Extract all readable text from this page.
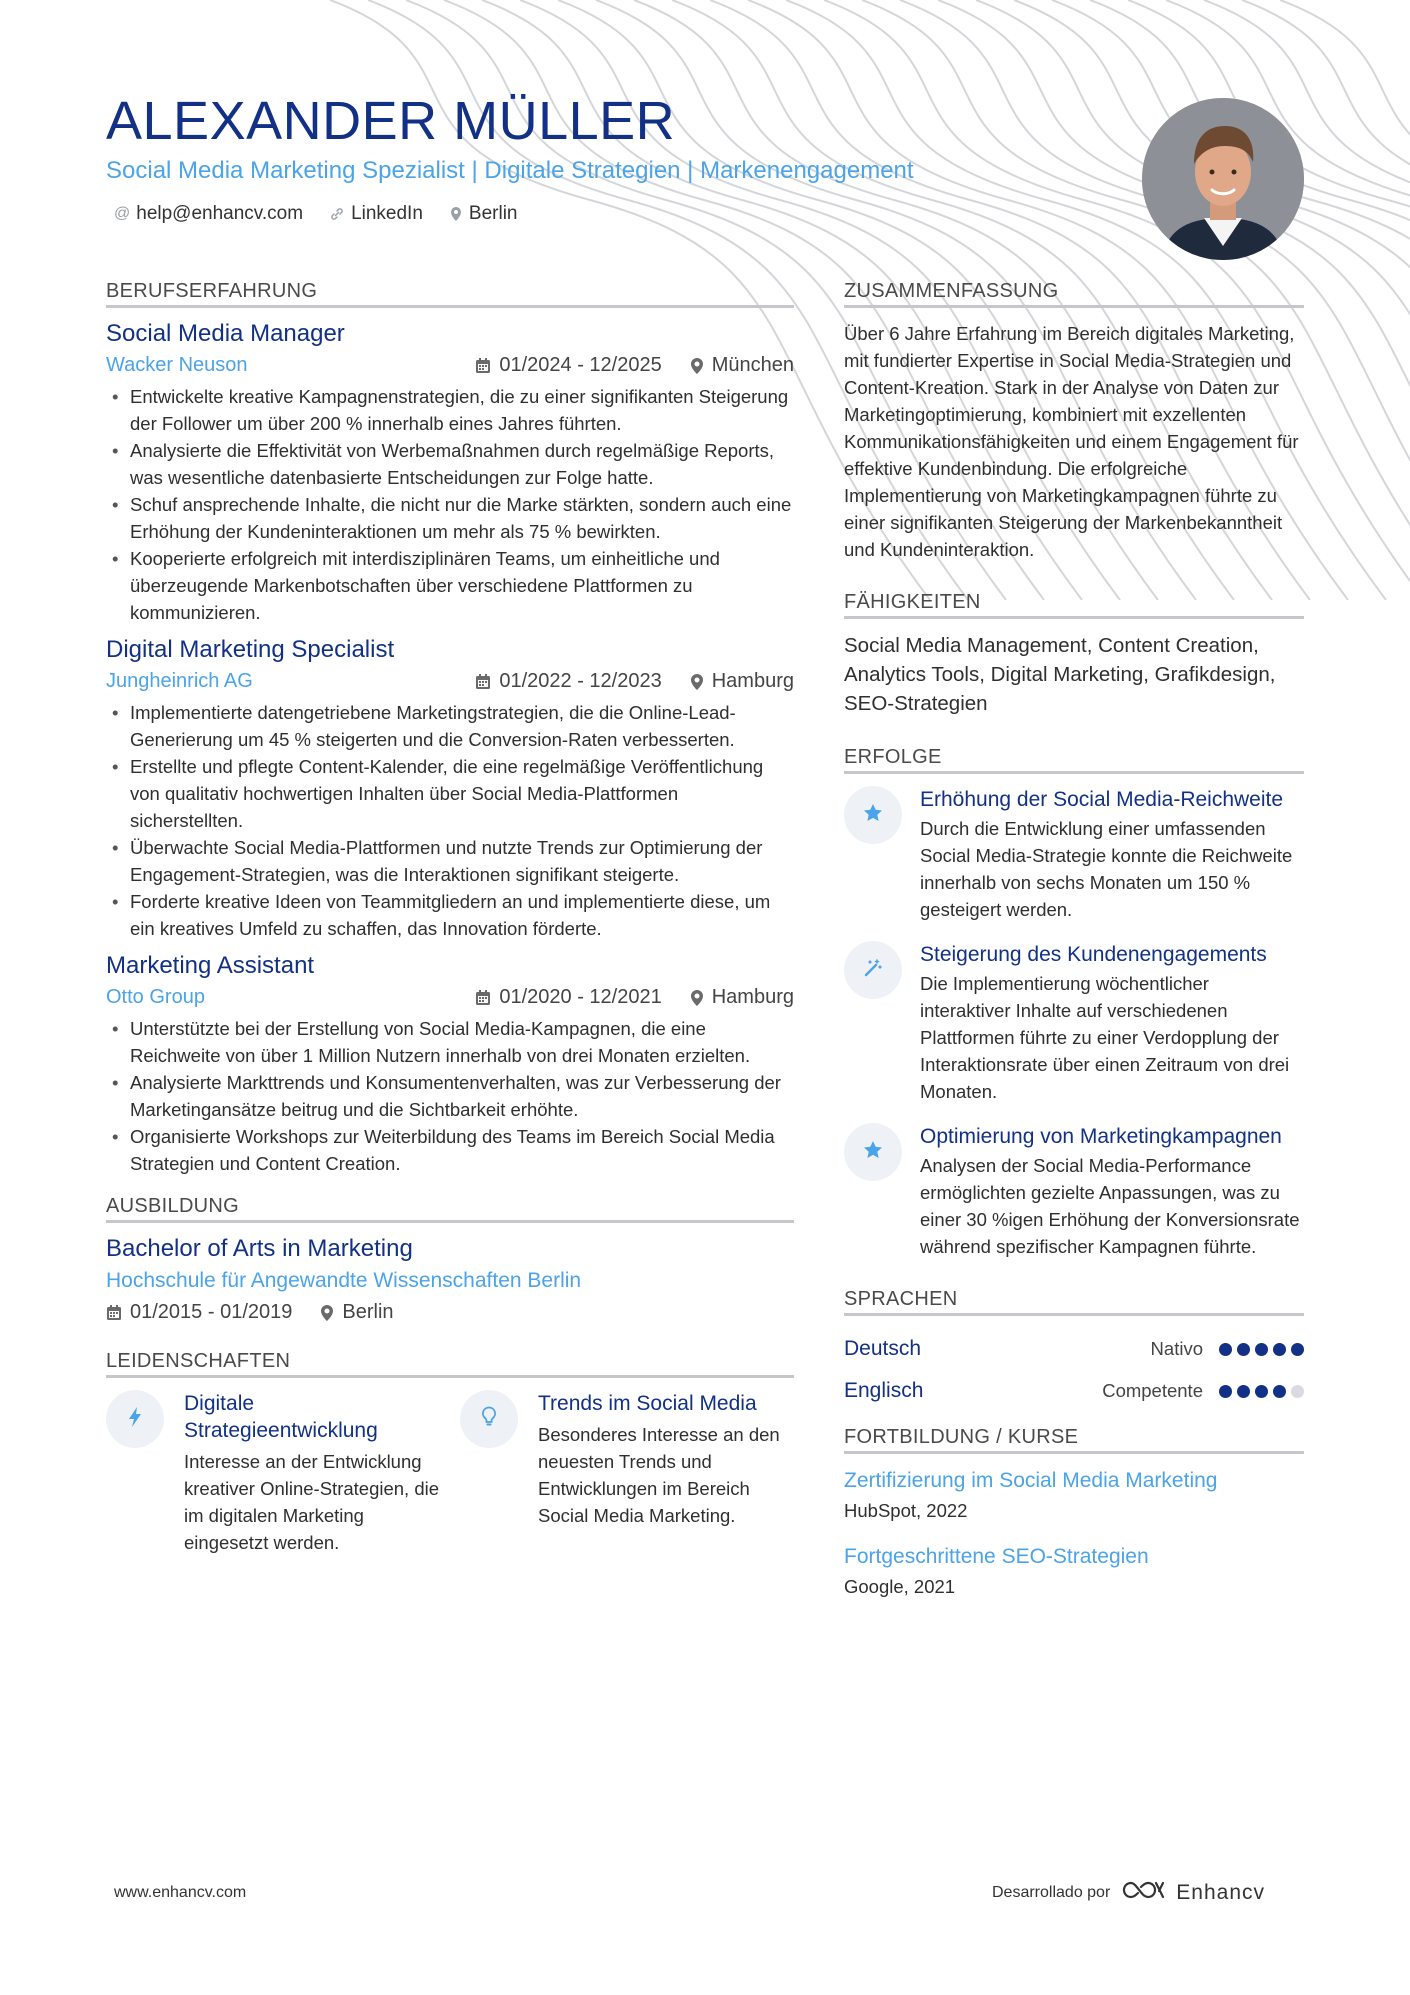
ALEXANDER MÜLLER
Social Media Marketing Spezialist | Digitale Strategien | Markenengagement
@ help@enhancv.com	LinkedIn Berlin
BERUFSERFAHRUNG
Social Media Manager
Wacker Neuson	01/2024 - 12/2025	München
• Entwickelte kreative Kampagnenstrategien, die zu einer signifikanten Steigerung der Follower um über 200 % innerhalb eines Jahres führten.
• Analysierte die Effektivität von Werbemaßnahmen durch regelmäßige Reports, was wesentliche datenbasierte Entscheidungen zur Folge hatte.
• Schuf ansprechende Inhalte, die nicht nur die Marke stärkten, sondern auch eine Erhöhung der Kundeninteraktionen um mehr als 75 % bewirkten.
• Kooperierte erfolgreich mit interdisziplinären Teams, um einheitliche und überzeugende Markenbotschaften über verschiedene Plattformen zu kommunizieren.
Digital Marketing Specialist
Jungheinrich AG	01/2022 - 12/2023	Hamburg
• Implementierte datengetriebene Marketingstrategien, die die Online-Lead-Generierung um 45 % steigerten und die Conversion-Raten verbesserten.
• Erstellte und pflegte Content-Kalender, die eine regelmäßige Veröffentlichung von qualitativ hochwertigen Inhalten über Social Media-Plattformen sicherstellten.
• Überwachte Social Media-Plattformen und nutzte Trends zur Optimierung der Engagement-Strategien, was die Interaktionen signifikant steigerte.
• Forderte kreative Ideen von Teammitgliedern an und implementierte diese, um ein kreatives Umfeld zu schaffen, das Innovation förderte.
Marketing Assistant
Otto Group	01/2020 - 12/2021	Hamburg
• Unterstützte bei der Erstellung von Social Media-Kampagnen, die eine Reichweite von über 1 Million Nutzern innerhalb von drei Monaten erzielten.
• Analysierte Markttrends und Konsumentenverhalten, was zur Verbesserung der Marketingansätze beitrug und die Sichtbarkeit erhöhte.
• Organisierte Workshops zur Weiterbildung des Teams im Bereich Social Media Strategien und Content Creation.
AUSBILDUNG
Bachelor of Arts in Marketing
Hochschule für Angewandte Wissenschaften Berlin
01/2015 - 01/2019	Berlin
LEIDENSCHAFTEN
Digitale Strategieentwicklung
Interesse an der Entwicklung kreativer Online-Strategien, die im digitalen Marketing eingesetzt werden.
Trends im Social Media
Besonderes Interesse an den neuesten Trends und Entwicklungen im Bereich Social Media Marketing.
ZUSAMMENFASSUNG
Über 6 Jahre Erfahrung im Bereich digitales Marketing, mit fundierter Expertise in Social Media-Strategien und Content-Kreation. Stark in der Analyse von Daten zur Marketingoptimierung, kombiniert mit exzellenten Kommunikationsfähigkeiten und einem Engagement für effektive Kundenbindung. Die erfolgreiche Implementierung von Marketingkampagnen führte zu einer signifikanten Steigerung der Markenbekanntheit und Kundeninteraktion.
FÄHIGKEITEN
Social Media Management, Content Creation, Analytics Tools, Digital Marketing, Grafikdesign, SEO-Strategien
ERFOLGE
Erhöhung der Social Media-Reichweite
Durch die Entwicklung einer umfassenden Social Media-Strategie konnte die Reichweite innerhalb von sechs Monaten um 150 % gesteigert werden.
Steigerung des Kundenengagements
Die Implementierung wöchentlicher interaktiver Inhalte auf verschiedenen Plattformen führte zu einer Verdopplung der Interaktionsrate über einen Zeitraum von drei Monaten.
Optimierung von Marketingkampagnen
Analysen der Social Media-Performance ermöglichten gezielte Anpassungen, was zu einer 30 %igen Erhöhung der Konversionsrate während spezifischer Kampagnen führte.
SPRACHEN
Deutsch	Nativo
Englisch	Competente
FORTBILDUNG / KURSE
Zertifizierung im Social Media Marketing
HubSpot, 2022
Fortgeschrittene SEO-Strategien
Google, 2021
www.enhancv.com	Desarrollado por	Enhancv
